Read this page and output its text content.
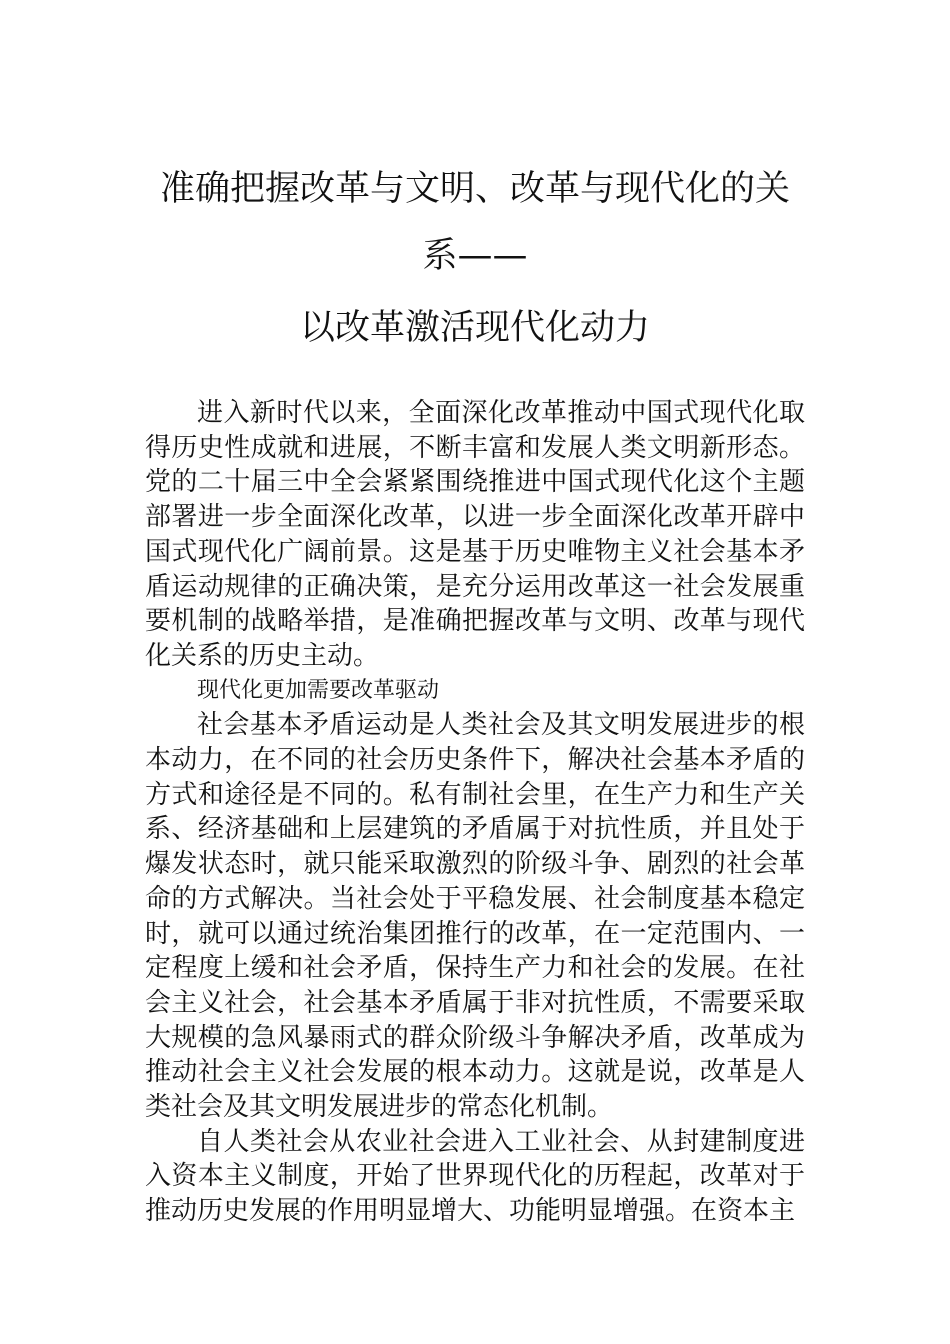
准确把握改革与文明、改革与现代化的关
系——
以改革激活现代化动力

进入新时代以来，全面深化改革推动中国式现代化取得历史性成就和进展，不断丰富和发展人类文明新形态。党的二十届三中全会紧紧围绕推进中国式现代化这个主题部署进一步全面深化改革，以进一步全面深化改革开辟中国式现代化广阔前景。这是基于历史唯物主义社会基本矛盾运动规律的正确决策，是充分运用改革这一社会发展重要机制的战略举措，是准确把握改革与文明、改革与现代化关系的历史主动。

现代化更加需要改革驱动

社会基本矛盾运动是人类社会及其文明发展进步的根本动力，在不同的社会历史条件下，解决社会基本矛盾的方式和途径是不同的。私有制社会里，在生产力和生产关系、经济基础和上层建筑的矛盾属于对抗性质，并且处于爆发状态时，就只能采取激烈的阶级斗争、剧烈的社会革命的方式解决。当社会处于平稳发展、社会制度基本稳定时，就可以通过统治集团推行的改革，在一定范围内、一定程度上缓和社会矛盾，保持生产力和社会的发展。在社会主义社会，社会基本矛盾属于非对抗性质，不需要采取大规模的急风暴雨式的群众阶级斗争解决矛盾，改革成为推动社会主义社会发展的根本动力。这就是说，改革是人类社会及其文明发展进步的常态化机制。

自人类社会从农业社会进入工业社会、从封建制度进入资本主义制度，开始了世界现代化的历程起，改革对于推动历史发展的作用明显增大、功能明显增强。在资本主
